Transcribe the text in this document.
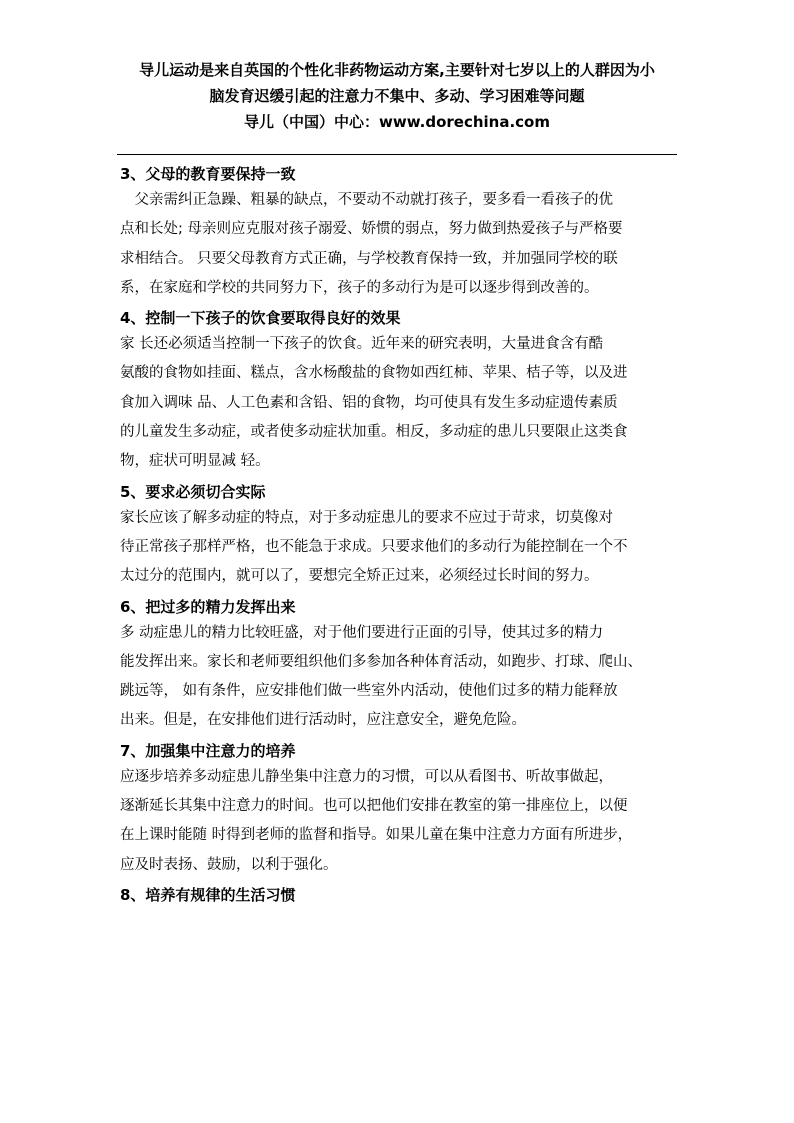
导儿运动是来自英国的个性化非药物运动方案,主要针对七岁以上的人群因为小
脑发育迟缓引起的注意力不集中、多动、学习困难等问题
导儿（中国）中心：www.dorechina.com
3、父母的教育要保持一致

　父亲需纠正急躁、粗暴的缺点，不要动不动就打孩子，要多看一看孩子的优
点和长处; 母亲则应克服对孩子溺爱、娇惯的弱点，努力做到热爱孩子与严格要
求相结合。 只要父母教育方式正确，与学校教育保持一致，并加强同学校的联
系，在家庭和学校的共同努力下，孩子的多动行为是可以逐步得到改善的。

4、控制一下孩子的饮食要取得良好的效果

家 长还必须适当控制一下孩子的饮食。近年来的研究表明，大量进食含有酷
氨酸的食物如挂面、糕点，含水杨酸盐的食物如西红柿、苹果、桔子等，以及进
食加入调味 品、人工色素和含铅、铝的食物，均可使具有发生多动症遗传素质
的儿童发生多动症，或者使多动症状加重。相反，多动症的患儿只要限止这类食
物，症状可明显减 轻。

5、要求必须切合实际

家长应该了解多动症的特点，对于多动症患儿的要求不应过于苛求，切莫像对
待正常孩子那样严格，也不能急于求成。只要求他们的多动行为能控制在一个不
太过分的范围内，就可以了，要想完全矫正过来，必须经过长时间的努力。

6、把过多的精力发挥出来

多 动症患儿的精力比较旺盛，对于他们要进行正面的引导，使其过多的精力
能发挥出来。家长和老师要组织他们多参加各种体育活动，如跑步、打球、爬山、
跳远等， 如有条件，应安排他们做一些室外内活动，使他们过多的精力能释放
出来。但是，在安排他们进行活动时，应注意安全，避免危险。

7、加强集中注意力的培养

应逐步培养多动症患儿静坐集中注意力的习惯，可以从看图书、听故事做起，
逐渐延长其集中注意力的时间。也可以把他们安排在教室的第一排座位上，以便
在上课时能随 时得到老师的监督和指导。如果儿童在集中注意力方面有所进步，
应及时表扬、鼓励，以利于强化。

8、培养有规律的生活习惯
